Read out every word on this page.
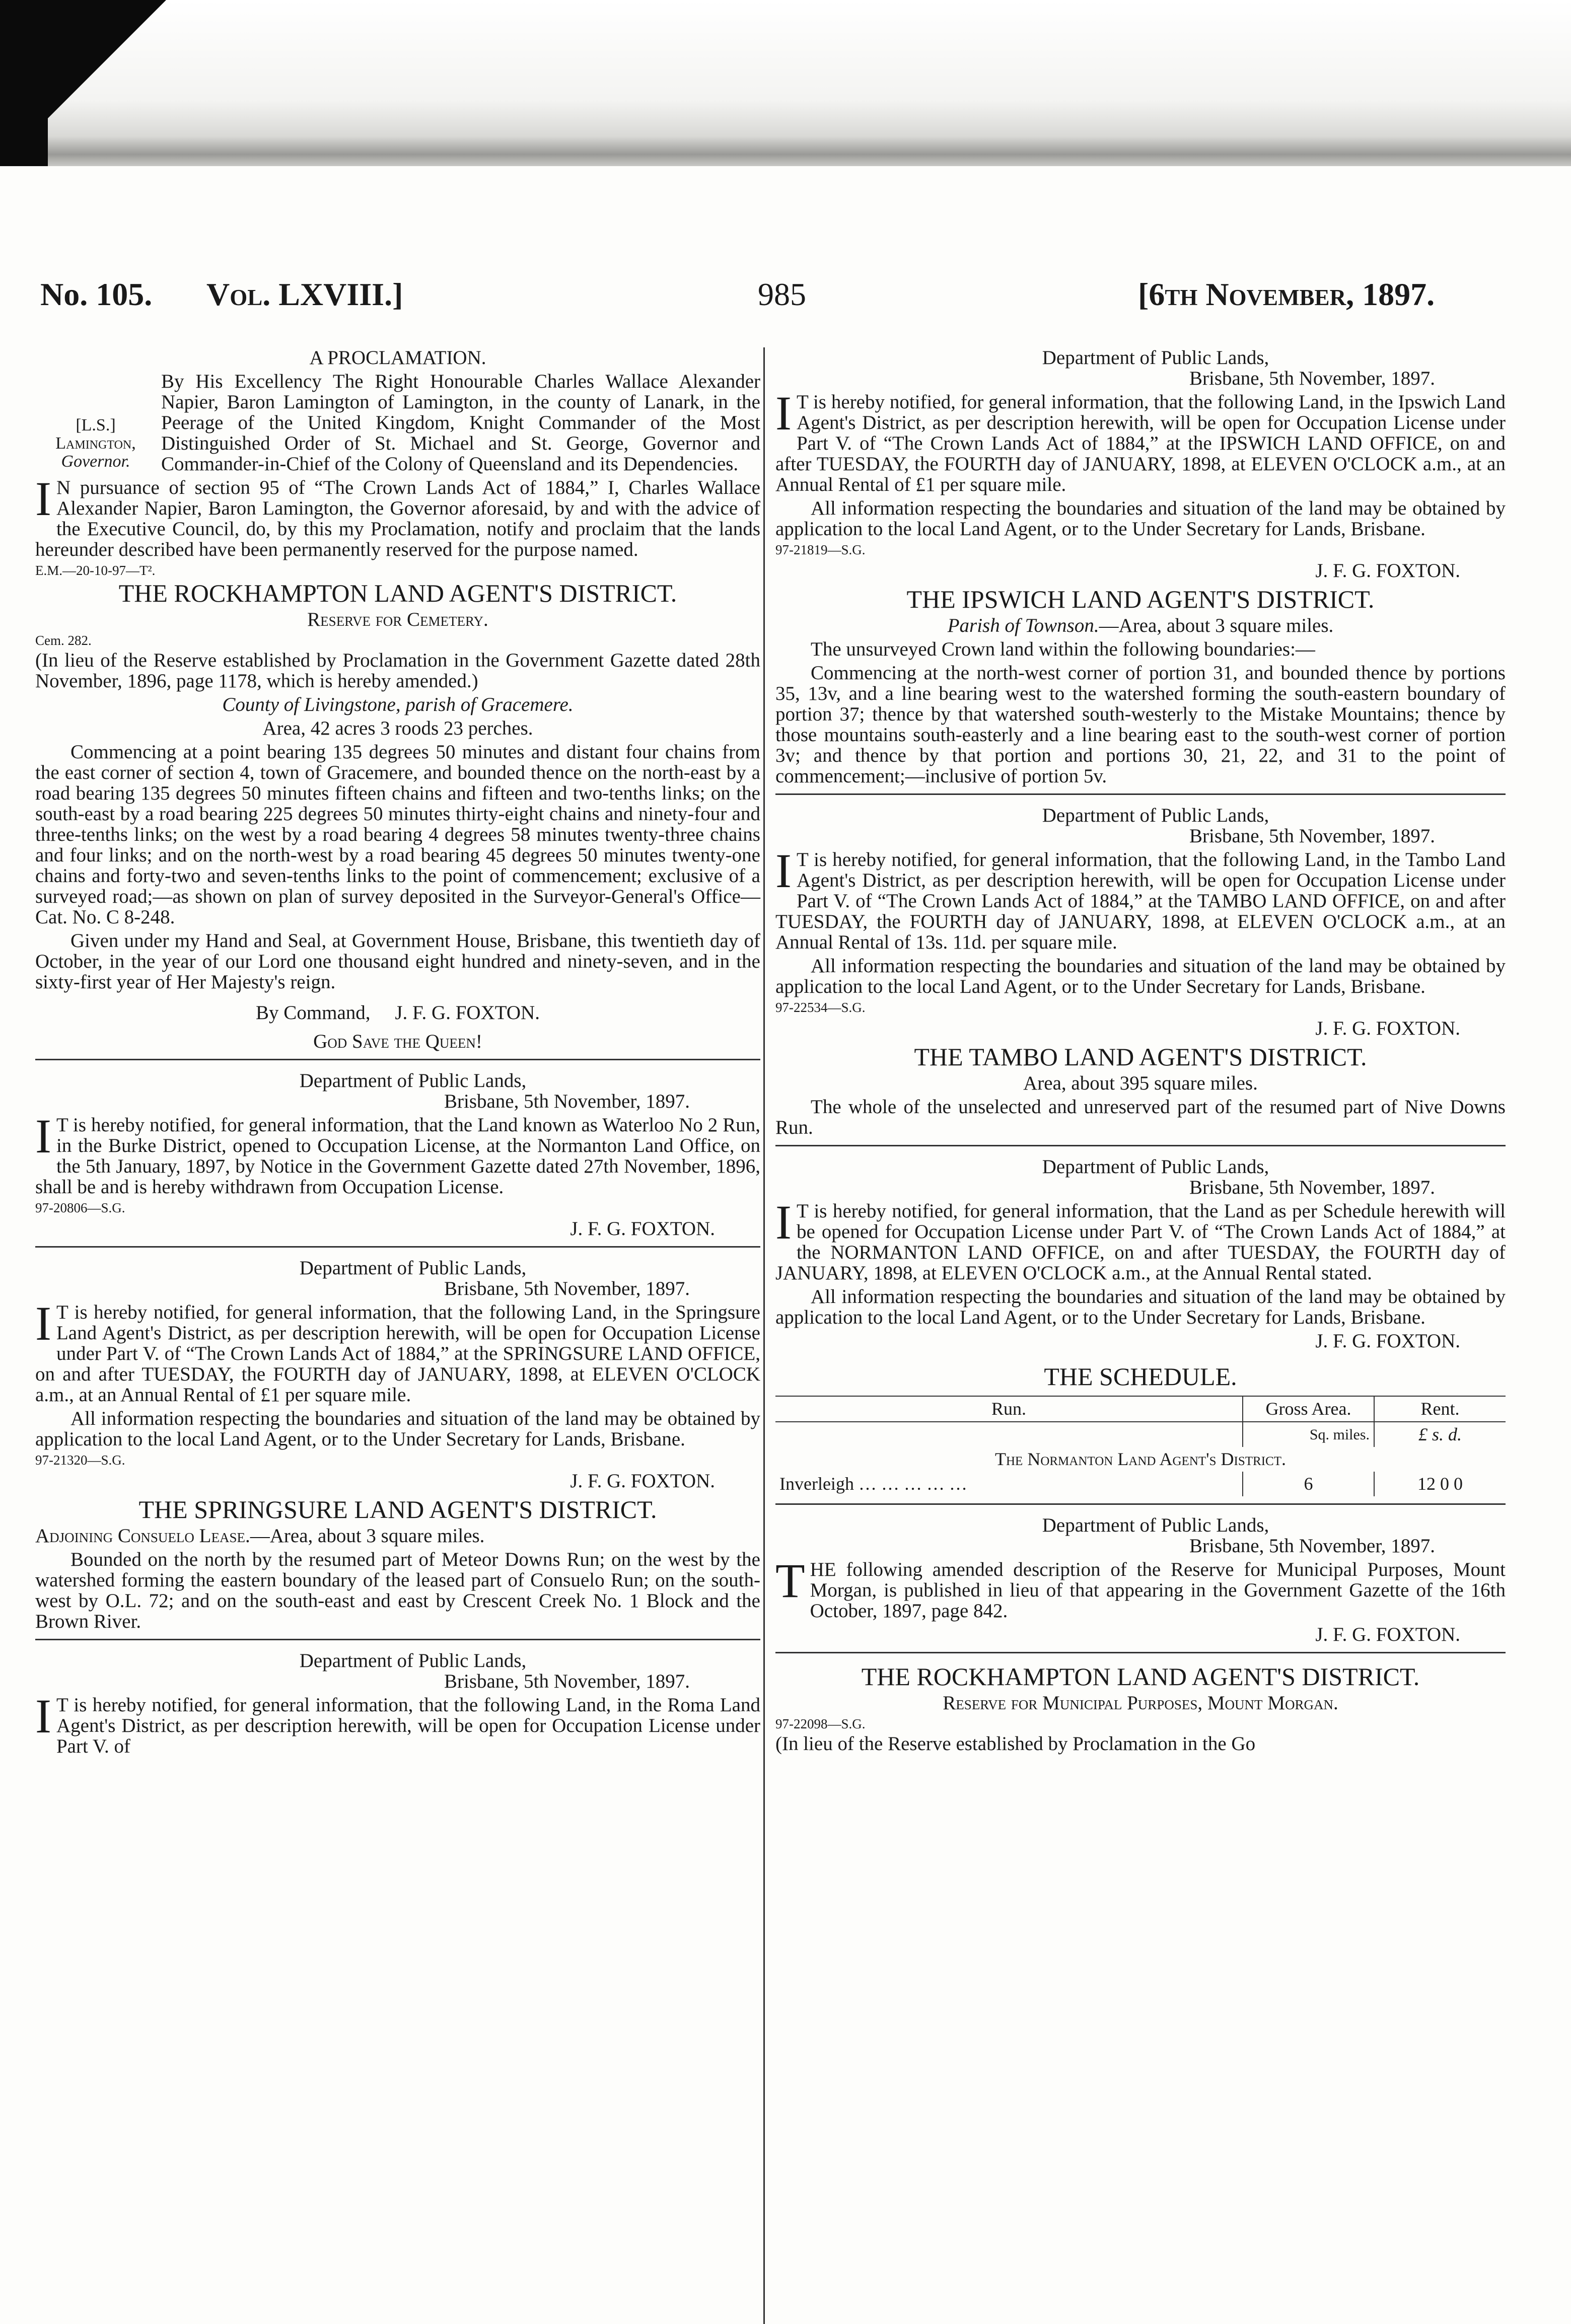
No. 105. Vol. LXVIII.]	985	[6th November, 1897.

A PROCLAMATION.

[L.S.]
Lamington,
Governor.

By His Excellency The Right Honourable Charles Wallace Alexander Napier, Baron Lamington of Lamington, in the county of Lanark, in the Peerage of the United Kingdom, Knight Commander of the Most Distinguished Order of St. Michael and St. George, Governor and Commander-in-Chief of the Colony of Queensland and its Dependencies.

I N pursuance of section 95 of “The Crown Lands Act of 1884,” I, Charles Wallace Alexander Napier, Baron Lamington, the Governor aforesaid, by and with the advice of the Executive Council, do, by this my Proclamation, notify and proclaim that the lands hereunder described have been permanently reserved for the purpose named.

E.M.—20-10-97—T².

THE ROCKHAMPTON LAND AGENT'S DISTRICT.

Reserve for Cemetery.

Cem. 282.

(In lieu of the Reserve established by Proclamation in the Government Gazette dated 28th November, 1896, page 1178, which is hereby amended.)

County of Livingstone, parish of Gracemere.

Area, 42 acres 3 roods 23 perches.

Commencing at a point bearing 135 degrees 50 minutes and distant four chains from the east corner of section 4, town of Gracemere, and bounded thence on the north-east by a road bearing 135 degrees 50 minutes fifteen chains and fifteen and two-tenths links; on the south-east by a road bearing 225 degrees 50 minutes thirty-eight chains and ninety-four and three-tenths links; on the west by a road bearing 4 degrees 58 minutes twenty-three chains and four links; and on the north-west by a road bearing 45 degrees 50 minutes twenty-one chains and forty-two and seven-tenths links to the point of commencement; exclusive of a surveyed road;—as shown on plan of survey deposited in the Surveyor-General's Office—Cat. No. C 8-248.

Given under my Hand and Seal, at Government House, Brisbane, this twentieth day of October, in the year of our Lord one thousand eight hundred and ninety-seven, and in the sixty-first year of Her Majesty's reign.

By Command, J. F. G. FOXTON.

God Save the Queen!

Department of Public Lands,

Brisbane, 5th November, 1897.

I T is hereby notified, for general information, that the Land known as Waterloo No 2 Run, in the Burke District, opened to Occupation License, at the Normanton Land Office, on the 5th January, 1897, by Notice in the Government Gazette dated 27th November, 1896, shall be and is hereby withdrawn from Occupation License.

97-20806—S.G.

J. F. G. FOXTON.

Department of Public Lands,

Brisbane, 5th November, 1897.

I T is hereby notified, for general information, that the following Land, in the Springsure Land Agent's District, as per description herewith, will be open for Occupation License under Part V. of “The Crown Lands Act of 1884,” at the SPRINGSURE LAND OFFICE, on and after TUESDAY, the FOURTH day of JANUARY, 1898, at ELEVEN O'CLOCK a.m., at an Annual Rental of £1 per square mile.

All information respecting the boundaries and situation of the land may be obtained by application to the local Land Agent, or to the Under Secretary for Lands, Brisbane.

97-21320—S.G.

J. F. G. FOXTON.

THE SPRINGSURE LAND AGENT'S DISTRICT.

Adjoining Consuelo Lease.—Area, about 3 square miles.

Bounded on the north by the resumed part of Meteor Downs Run; on the west by the watershed forming the eastern boundary of the leased part of Consuelo Run; on the south-west by O.L. 72; and on the south-east and east by Crescent Creek No. 1 Block and the Brown River.

Department of Public Lands,

Brisbane, 5th November, 1897.

I T is hereby notified, for general information, that the following Land, in the Roma Land Agent's District, as per description herewith, will be open for Occupation License under Part V. of

Department of Public Lands,

Brisbane, 5th November, 1897.

I T is hereby notified, for general information, that the following Land, in the Ipswich Land Agent's District, as per description herewith, will be open for Occupation License under Part V. of “The Crown Lands Act of 1884,” at the IPSWICH LAND OFFICE, on and after TUESDAY, the FOURTH day of JANUARY, 1898, at ELEVEN O'CLOCK a.m., at an Annual Rental of £1 per square mile.

All information respecting the boundaries and situation of the land may be obtained by application to the local Land Agent, or to the Under Secretary for Lands, Brisbane.

97-21819—S.G.

J. F. G. FOXTON.

THE IPSWICH LAND AGENT'S DISTRICT.

Parish of Townson.—Area, about 3 square miles.

The unsurveyed Crown land within the following boundaries:—

Commencing at the north-west corner of portion 31, and bounded thence by portions 35, 13v, and a line bearing west to the watershed forming the south-eastern boundary of portion 37; thence by that watershed south-westerly to the Mistake Mountains; thence by those mountains south-easterly and a line bearing east to the south-west corner of portion 3v; and thence by that portion and portions 30, 21, 22, and 31 to the point of commencement;—inclusive of portion 5v.

Department of Public Lands,

Brisbane, 5th November, 1897.

I T is hereby notified, for general information, that the following Land, in the Tambo Land Agent's District, as per description herewith, will be open for Occupation License under Part V. of “The Crown Lands Act of 1884,” at the TAMBO LAND OFFICE, on and after TUESDAY, the FOURTH day of JANUARY, 1898, at ELEVEN O'CLOCK a.m., at an Annual Rental of 13s. 11d. per square mile.

All information respecting the boundaries and situation of the land may be obtained by application to the local Land Agent, or to the Under Secretary for Lands, Brisbane.

97-22534—S.G.

J. F. G. FOXTON.

THE TAMBO LAND AGENT'S DISTRICT.

Area, about 395 square miles.

The whole of the unselected and unreserved part of the resumed part of Nive Downs Run.

Department of Public Lands,

Brisbane, 5th November, 1897.

I T is hereby notified, for general information, that the Land as per Schedule herewith will be opened for Occupation License under Part V. of “The Crown Lands Act of 1884,” at the NORMANTON LAND OFFICE, on and after TUESDAY, the FOURTH day of JANUARY, 1898, at ELEVEN O'CLOCK a.m., at the Annual Rental stated.

All information respecting the boundaries and situation of the land may be obtained by application to the local Land Agent, or to the Under Secretary for Lands, Brisbane.

J. F. G. FOXTON.

THE SCHEDULE.

Run.	Gross Area.	Rent.
	Sq. miles.	£ s. d.
The Normanton Land Agent's District.		
Inverleigh … … … … …	6	12 0 0

Department of Public Lands,

Brisbane, 5th November, 1897.

THE following amended description of the Reserve for Municipal Purposes, Mount Morgan, is published in lieu of that appearing in the Government Gazette of the 16th October, 1897, page 842.

J. F. G. FOXTON.

THE ROCKHAMPTON LAND AGENT'S DISTRICT.

Reserve for Municipal Purposes, Mount Morgan.

97-22098—S.G.

(In lieu of the Reserve established by Proclamation in the Go
